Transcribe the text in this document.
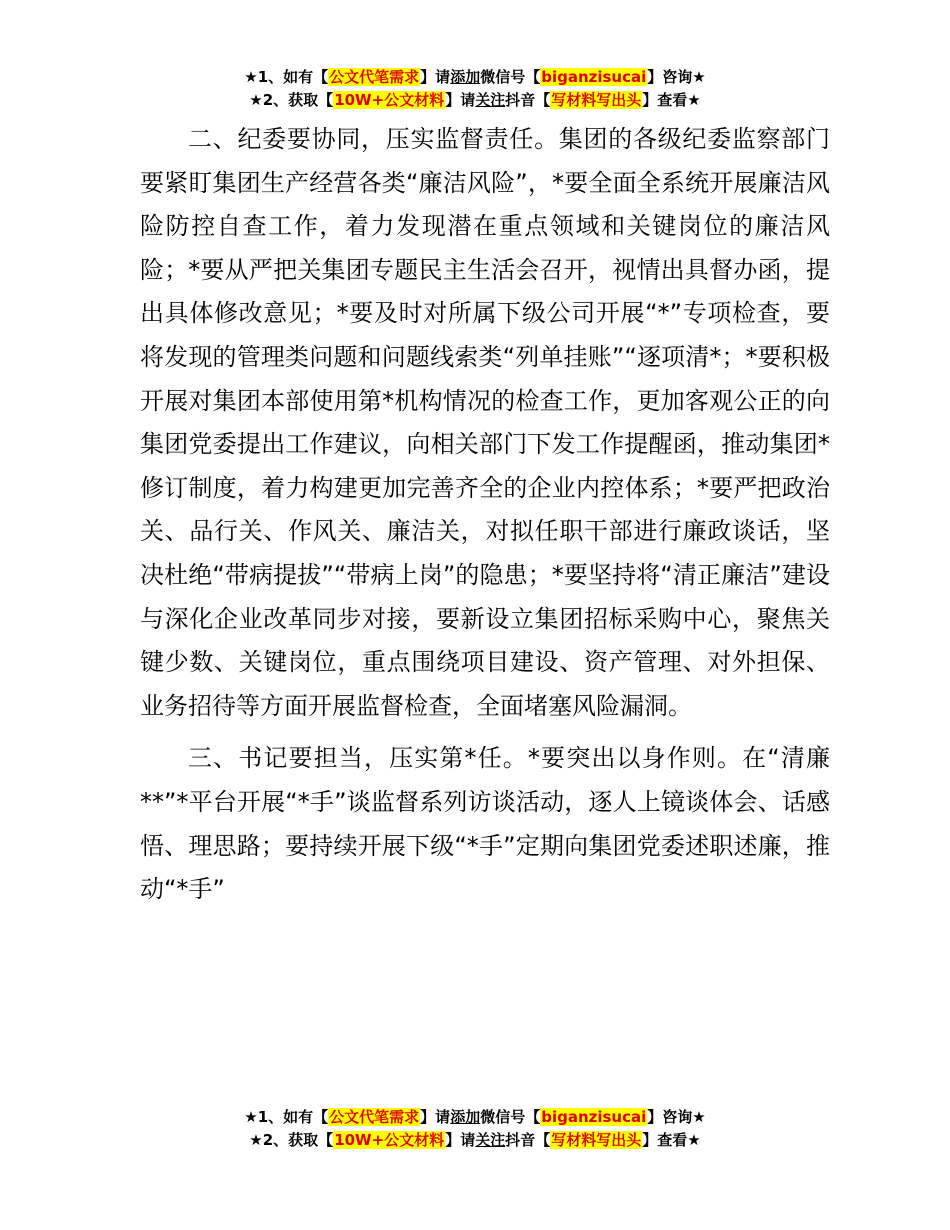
★1、如有【公文代笔需求】请添加微信号【biganzisucai】咨询★
★2、获取【10W+公文材料】请关注抖音【写材料写出头】查看★

二、纪委要协同，压实监督责任。集团的各级纪委监察部门要紧盯集团生产经营各类“廉洁风险”，*要全面全系统开展廉洁风险防控自查工作，着力发现潜在重点领域和关键岗位的廉洁风险；*要从严把关集团专题民主生活会召开，视情出具督办函，提出具体修改意见；*要及时对所属下级公司开展“*”专项检查，要将发现的管理类问题和问题线索类“列单挂账”“逐项清*；*要积极开展对集团本部使用第*机构情况的检查工作，更加客观公正的向集团党委提出工作建议，向相关部门下发工作提醒函，推动集团*修订制度，着力构建更加完善齐全的企业内控体系；*要严把政治关、品行关、作风关、廉洁关，对拟任职干部进行廉政谈话，坚决杜绝“带病提拔”“带病上岗”的隐患；*要坚持将“清正廉洁”建设与深化企业改革同步对接，要新设立集团招标采购中心，聚焦关键少数、关键岗位，重点围绕项目建设、资产管理、对外担保、业务招待等方面开展监督检查，全面堵塞风险漏洞。

三、书记要担当，压实第*任。*要突出以身作则。在“清廉**”*平台开展“*手”谈监督系列访谈活动，逐人上镜谈体会、话感悟、理思路；要持续开展下级“*手”定期向集团党委述职述廉，推动“*手”

★1、如有【公文代笔需求】请添加微信号【biganzisucai】咨询★
★2、获取【10W+公文材料】请关注抖音【写材料写出头】查看★
